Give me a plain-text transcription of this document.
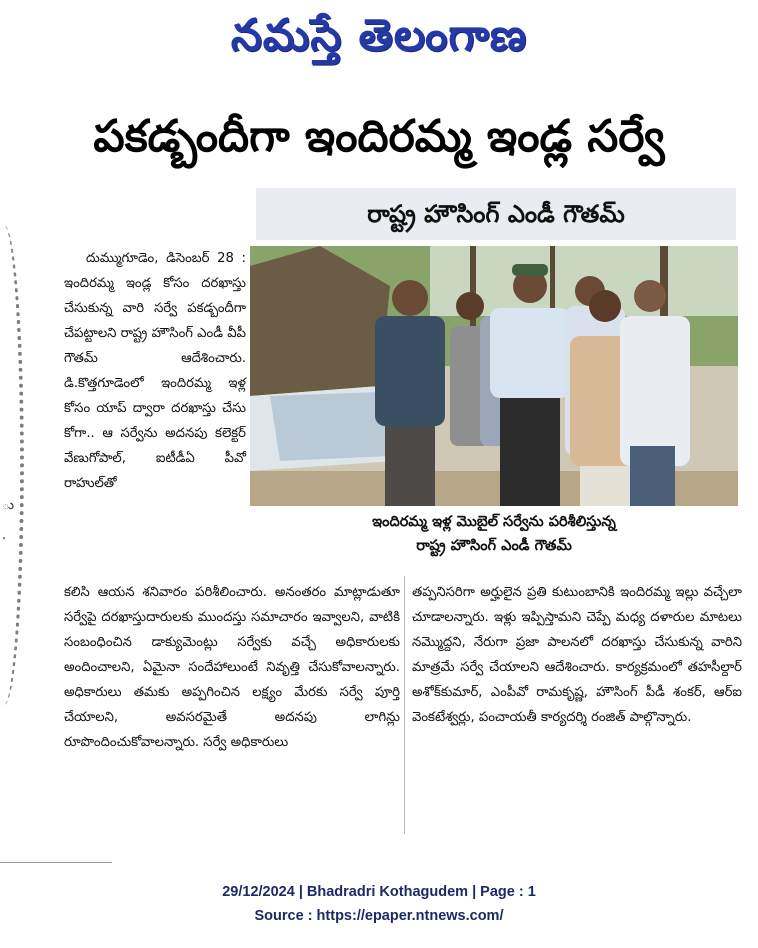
నమస్తే తెలంగాణ
పకడ్బందీగా ఇందిరమ్మ ఇండ్ల సర్వే
రాష్ట్ర హౌసింగ్ ఎండీ గౌతమ్
ు
.

దుమ్ముగూడెం, డిసెంబర్ 28 : ఇందిరమ్మ ఇండ్ల కోసం దరఖాస్తు చేసుకున్న వారి సర్వే పకడ్బందీగా చేపట్టాలని రాష్ట్ర హౌసింగ్ ఎండీ వీపీ గౌతమ్ ఆదేశించారు. డి.కొత్తగూడెంలో ఇందిరమ్మ ఇళ్ల కోసం యాప్ ద్వారా దరఖాస్తు చేసు కోగా.. ఆ సర్వేను అదనపు కలెక్టర్ వేణుగోపాల్, ఐటీడీఏ పీవో రాహుల్‌తో

ఇందిరమ్మ ఇళ్ల మొబైల్ సర్వేను పరిశీలిస్తున్న
రాష్ట్ర హౌసింగ్ ఎండీ గౌతమ్

కలిసి ఆయన శనివారం పరిశీలించారు. అనంతరం మాట్లాడుతూ సర్వేపై దరఖాస్తుదారులకు ముందస్తు సమాచారం ఇవ్వాలని, వాటికి సంబంధించిన డాక్యుమెంట్లు సర్వేకు వచ్చే అధికారులకు అందించాలని, ఏమైనా సందేహాలుంటే నివృత్తి చేసుకోవాలన్నారు. అధికారులు తమకు అప్పగించిన లక్ష్యం మేరకు సర్వే పూర్తి చేయాలని, అవసరమైతే అదనపు లాగిన్లు రూపొందించుకోవాలన్నారు. సర్వే అధికారులు

తప్పనిసరిగా అర్హులైన ప్రతి కుటుంబానికి ఇందిరమ్మ ఇల్లు వచ్చేలా చూడాలన్నారు. ఇళ్లు ఇప్పిస్తామని చెప్పే మధ్య దళారుల మాటలు నమ్మొద్దని, నేరుగా ప్రజా పాలనలో దరఖాస్తు చేసుకున్న వారిని మాత్రమే సర్వే చేయాలని ఆదేశించారు. కార్యక్రమంలో తహసీల్దార్ అశోక్‌కుమార్, ఎంపీవో రామకృష్ణ, హౌసింగ్ పీడీ శంకర్, ఆర్ఐ వెంకటేశ్వర్లు, పంచాయతీ కార్యదర్శి రంజిత్ పాల్గొన్నారు.

29/12/2024 | Bhadradri Kothagudem | Page : 1
Source : https://epaper.ntnews.com/
